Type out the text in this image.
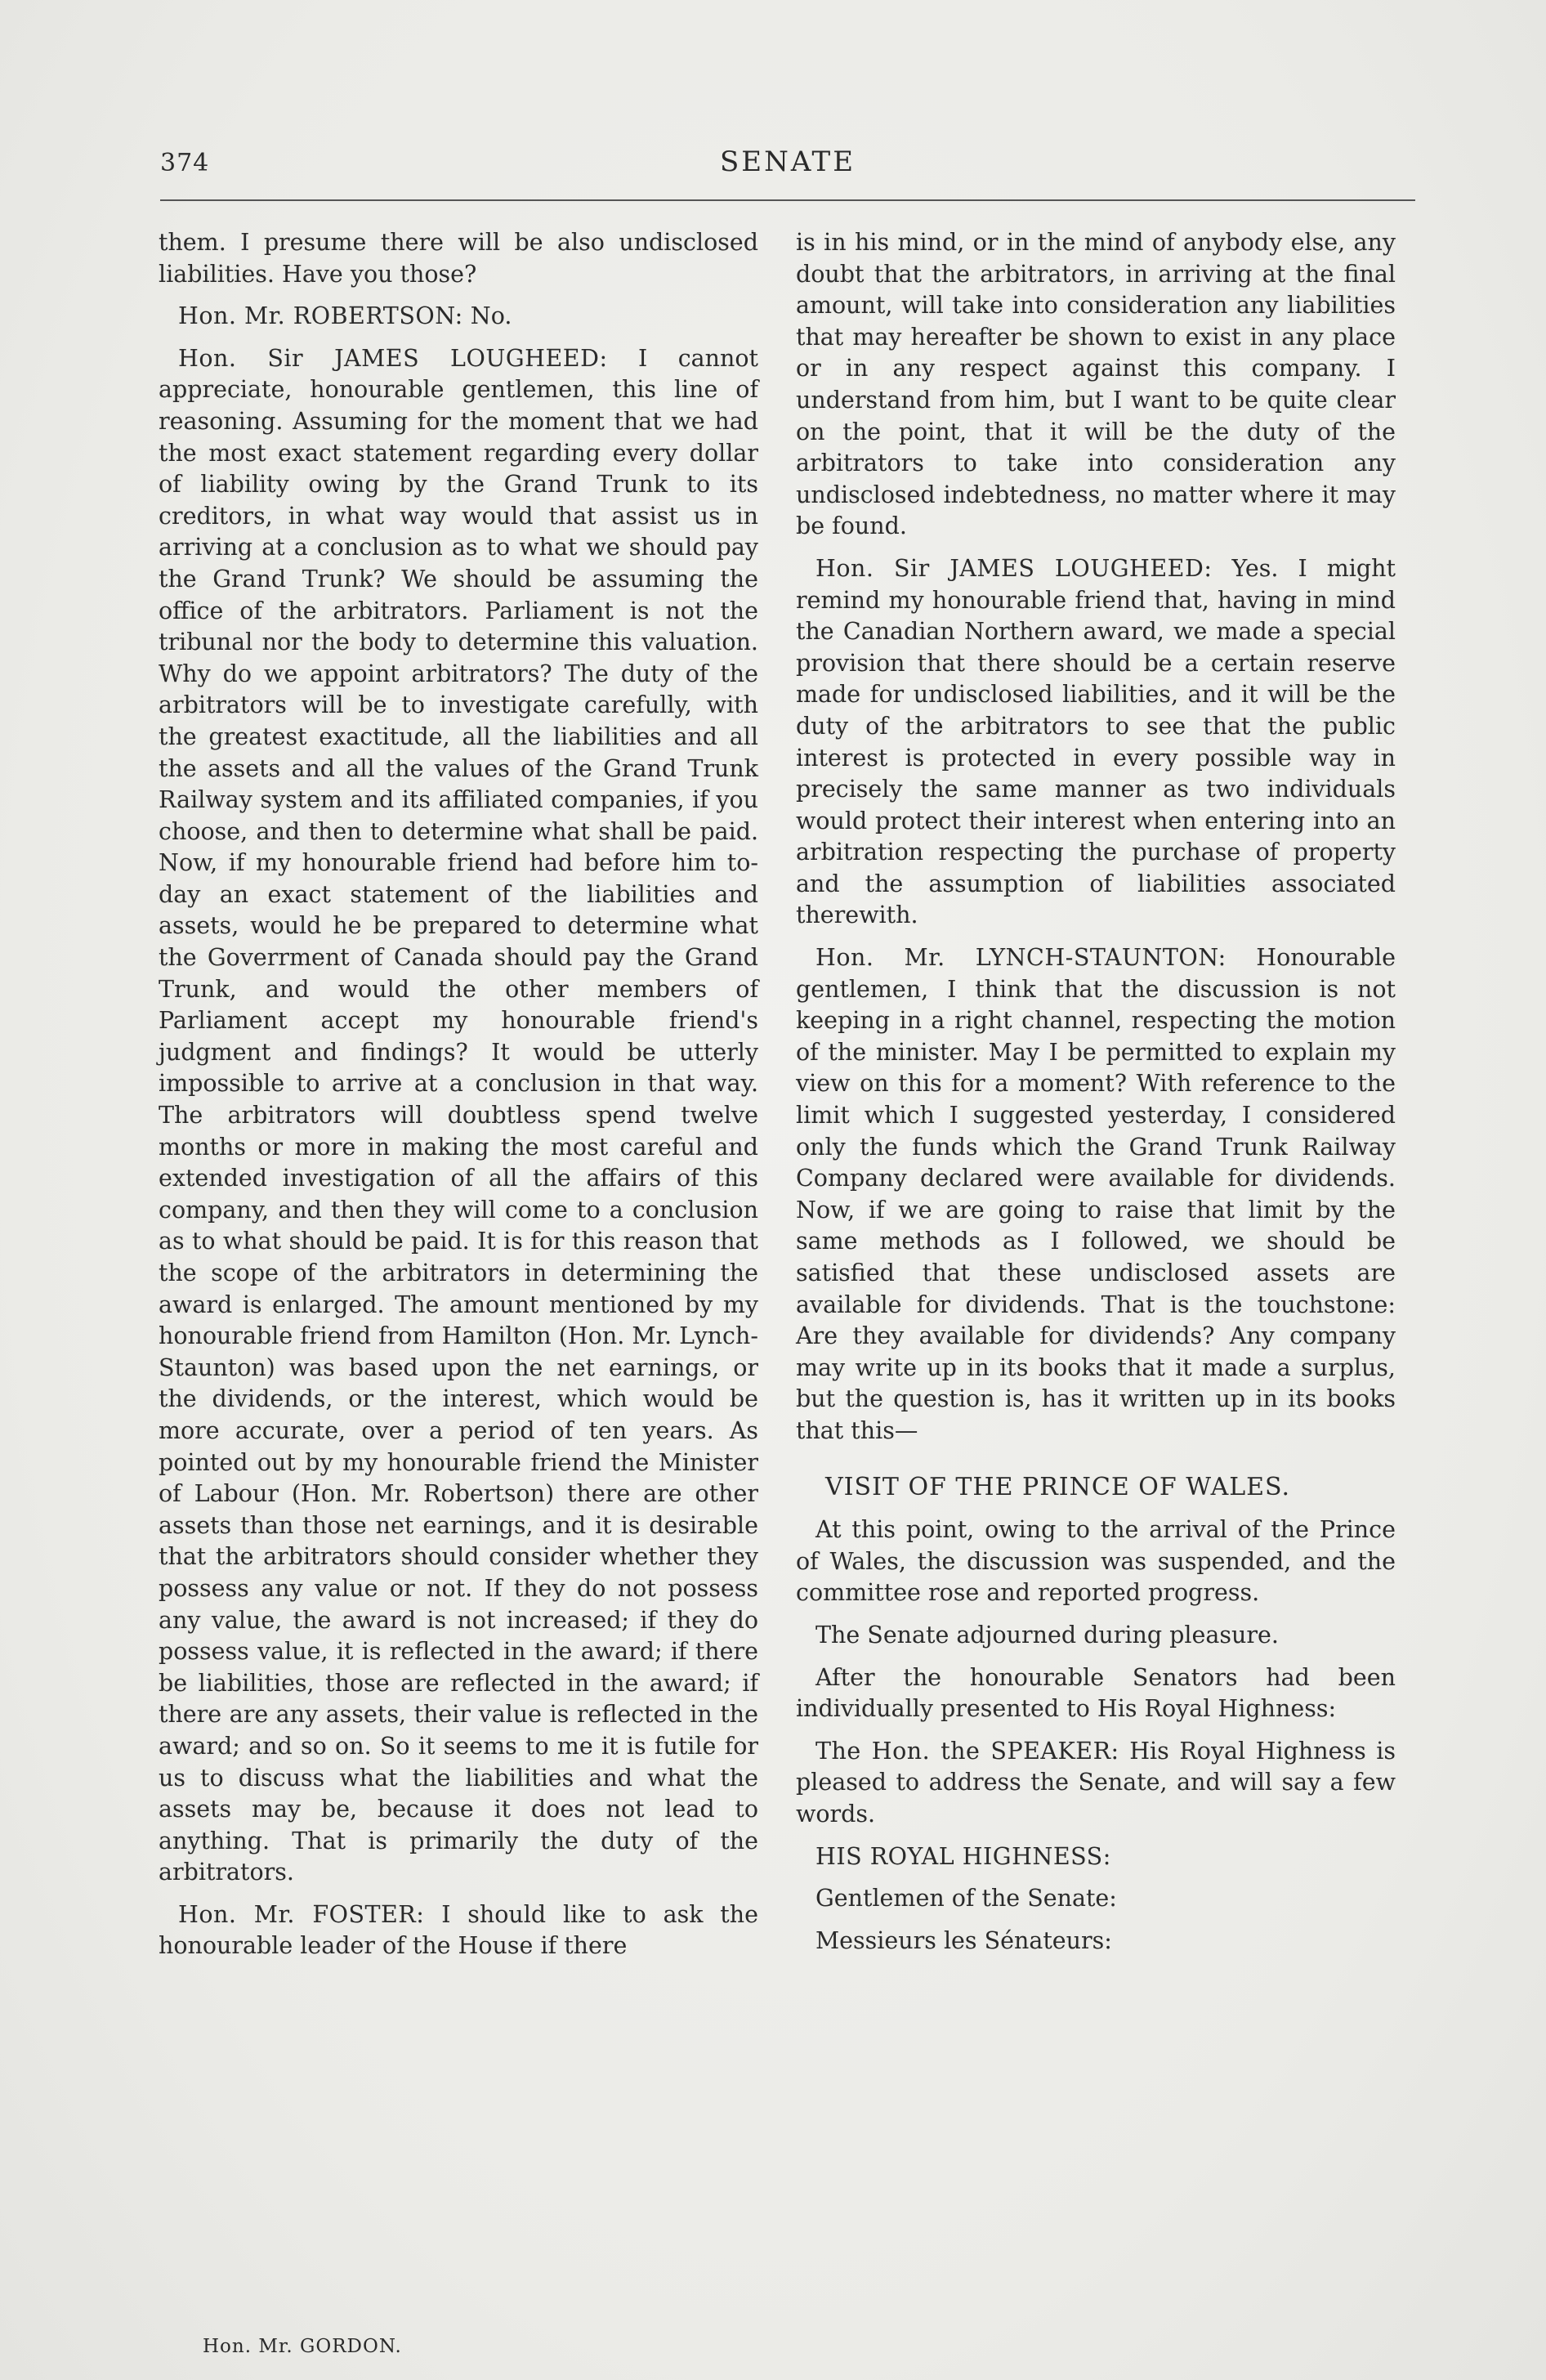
374	SENATE

them. I presume there will be also undisclosed liabilities. Have you those?

Hon. Mr. ROBERTSON: No.

Hon. Sir JAMES LOUGHEED: I cannot appreciate, honourable gentlemen, this line of reasoning. Assuming for the moment that we had the most exact statement regarding every dollar of liability owing by the Grand Trunk to its creditors, in what way would that assist us in arriving at a conclusion as to what we should pay the Grand Trunk? We should be assuming the office of the arbitrators. Parliament is not the tribunal nor the body to determine this valuation. Why do we appoint arbitrators? The duty of the arbitrators will be to investigate carefully, with the greatest exactitude, all the liabilities and all the assets and all the values of the Grand Trunk Railway system and its affiliated companies, if you choose, and then to determine what shall be paid. Now, if my honourable friend had before him to-day an exact statement of the liabilities and assets, would he be prepared to determine what the Goverrment of Canada should pay the Grand Trunk, and would the other members of Parliament accept my honourable friend's judgment and findings? It would be utterly impossible to arrive at a conclusion in that way. The arbitrators will doubtless spend twelve months or more in making the most careful and extended investigation of all the affairs of this company, and then they will come to a conclusion as to what should be paid. It is for this reason that the scope of the arbitrators in determining the award is enlarged. The amount mentioned by my honourable friend from Hamilton (Hon. Mr. Lynch-Staunton) was based upon the net earnings, or the dividends, or the interest, which would be more accurate, over a period of ten years. As pointed out by my honourable friend the Minister of Labour (Hon. Mr. Robertson) there are other assets than those net earnings, and it is desirable that the arbitrators should consider whether they possess any value or not. If they do not possess any value, the award is not increased; if they do possess value, it is reflected in the award; if there be liabilities, those are reflected in the award; if there are any assets, their value is reflected in the award; and so on. So it seems to me it is futile for us to discuss what the liabilities and what the assets may be, because it does not lead to anything. That is primarily the duty of the arbitrators.

Hon. Mr. FOSTER: I should like to ask the honourable leader of the House if there

is in his mind, or in the mind of anybody else, any doubt that the arbitrators, in arriving at the final amount, will take into consideration any liabilities that may hereafter be shown to exist in any place or in any respect against this company. I understand from him, but I want to be quite clear on the point, that it will be the duty of the arbitrators to take into consideration any undisclosed indebtedness, no matter where it may be found.

Hon. Sir JAMES LOUGHEED: Yes. I might remind my honourable friend that, having in mind the Canadian Northern award, we made a special provision that there should be a certain reserve made for undisclosed liabilities, and it will be the duty of the arbitrators to see that the public interest is protected in every possible way in precisely the same manner as two individuals would protect their interest when entering into an arbitration respecting the purchase of property and the assumption of liabilities associated therewith.

Hon. Mr. LYNCH-STAUNTON: Honourable gentlemen, I think that the discussion is not keeping in a right channel, respecting the motion of the minister. May I be permitted to explain my view on this for a moment? With reference to the limit which I suggested yesterday, I considered only the funds which the Grand Trunk Railway Company declared were available for dividends. Now, if we are going to raise that limit by the same methods as I followed, we should be satisfied that these undisclosed assets are available for dividends. That is the touchstone: Are they available for dividends? Any company may write up in its books that it made a surplus, but the question is, has it written up in its books that this—

VISIT OF THE PRINCE OF WALES.

At this point, owing to the arrival of the Prince of Wales, the discussion was suspended, and the committee rose and reported progress.

The Senate adjourned during pleasure.

After the honourable Senators had been individually presented to His Royal Highness:

The Hon. the SPEAKER: His Royal Highness is pleased to address the Senate, and will say a few words.

HIS ROYAL HIGHNESS:

Gentlemen of the Senate:

Messieurs les Sénateurs:

Hon. Mr. GORDON.
